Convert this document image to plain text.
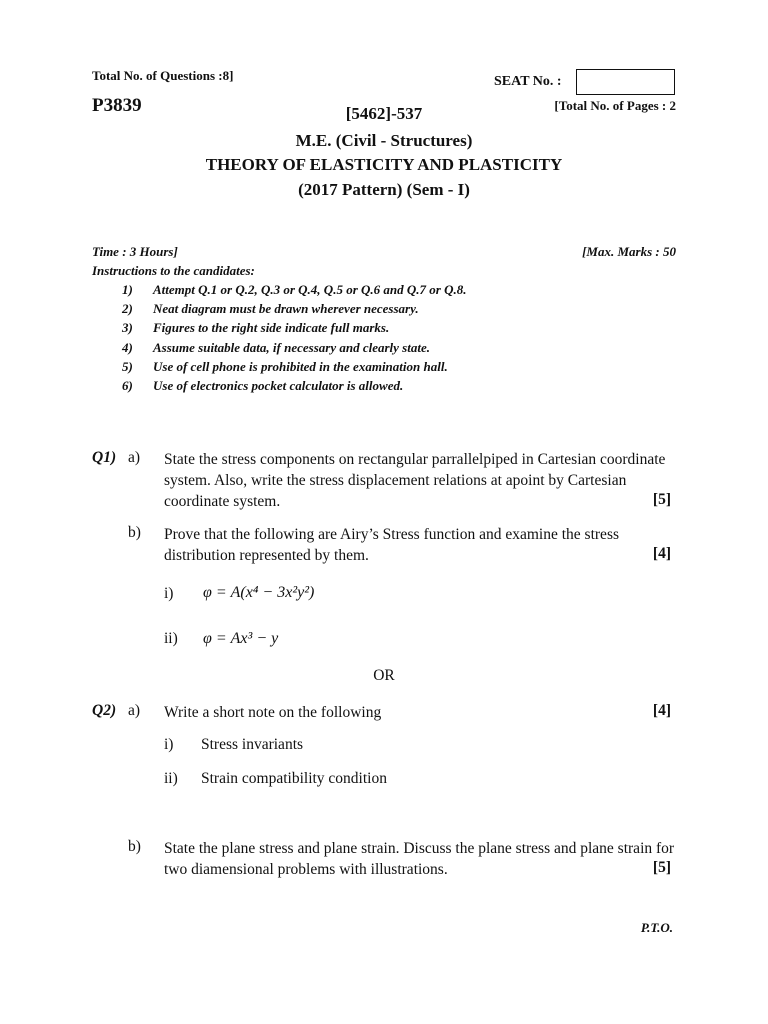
Total No. of Questions :8]
P3839
SEAT No. :
[Total No. of Pages : 2
[5462]-537
M.E. (Civil - Structures)
THEORY OF ELASTICITY AND PLASTICITY
(2017 Pattern) (Sem - I)
Time : 3 Hours]	[Max. Marks : 50
Instructions to the candidates:
1) Attempt Q.1 or Q.2, Q.3 or Q.4, Q.5 or Q.6 and Q.7 or Q.8.
2) Neat diagram must be drawn wherever necessary.
3) Figures to the right side indicate full marks.
4) Assume suitable data, if necessary and clearly state.
5) Use of cell phone is prohibited in the examination hall.
6) Use of electronics pocket calculator is allowed.
Q1) a) State the stress components on rectangular parrallelpiped in Cartesian coordinate system. Also, write the stress displacement relations at apoint by Cartesian coordinate system.	[5]
b) Prove that the following are Airy’s Stress function and examine the stress distribution represented by them.	[4]
i) φ = A(x⁴ − 3x²y²)
ii) φ = Ax³ − y
OR
Q2) a) Write a short note on the following	[4]
i) Stress invariants
ii) Strain compatibility condition
b) State the plane stress and plane strain. Discuss the plane stress and plane strain for two diamensional problems with illustrations.	[5]
P.T.O.
